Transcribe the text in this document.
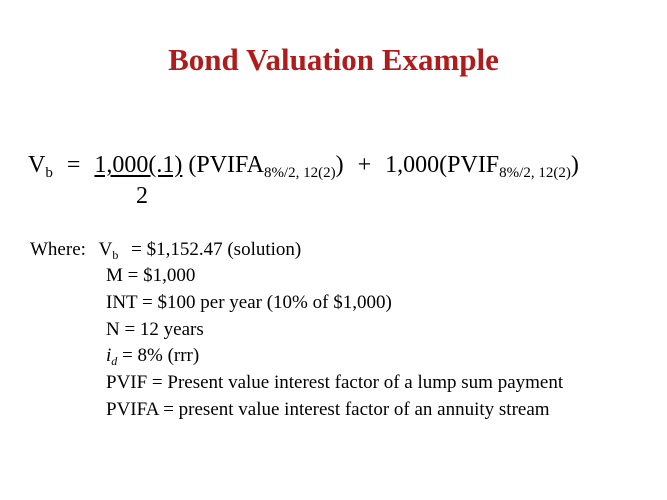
Bond Valuation Example
$V_b = 1,000(.1)$ $(PVIFA_{8\%/2, 12(2)})$ + $1,000(PVIF_{8\%/2, 12(2)})$
2
Where: $V_b$ = $1,152.47 (solution)
M = $1,000
INT = $100 per year (10% of $1,000)
N = 12 years
$i_d = 8\%$ (rrr)
PVIF = Present value interest factor of a lump sum payment
PVIFA = present value interest factor of an annuity stream
